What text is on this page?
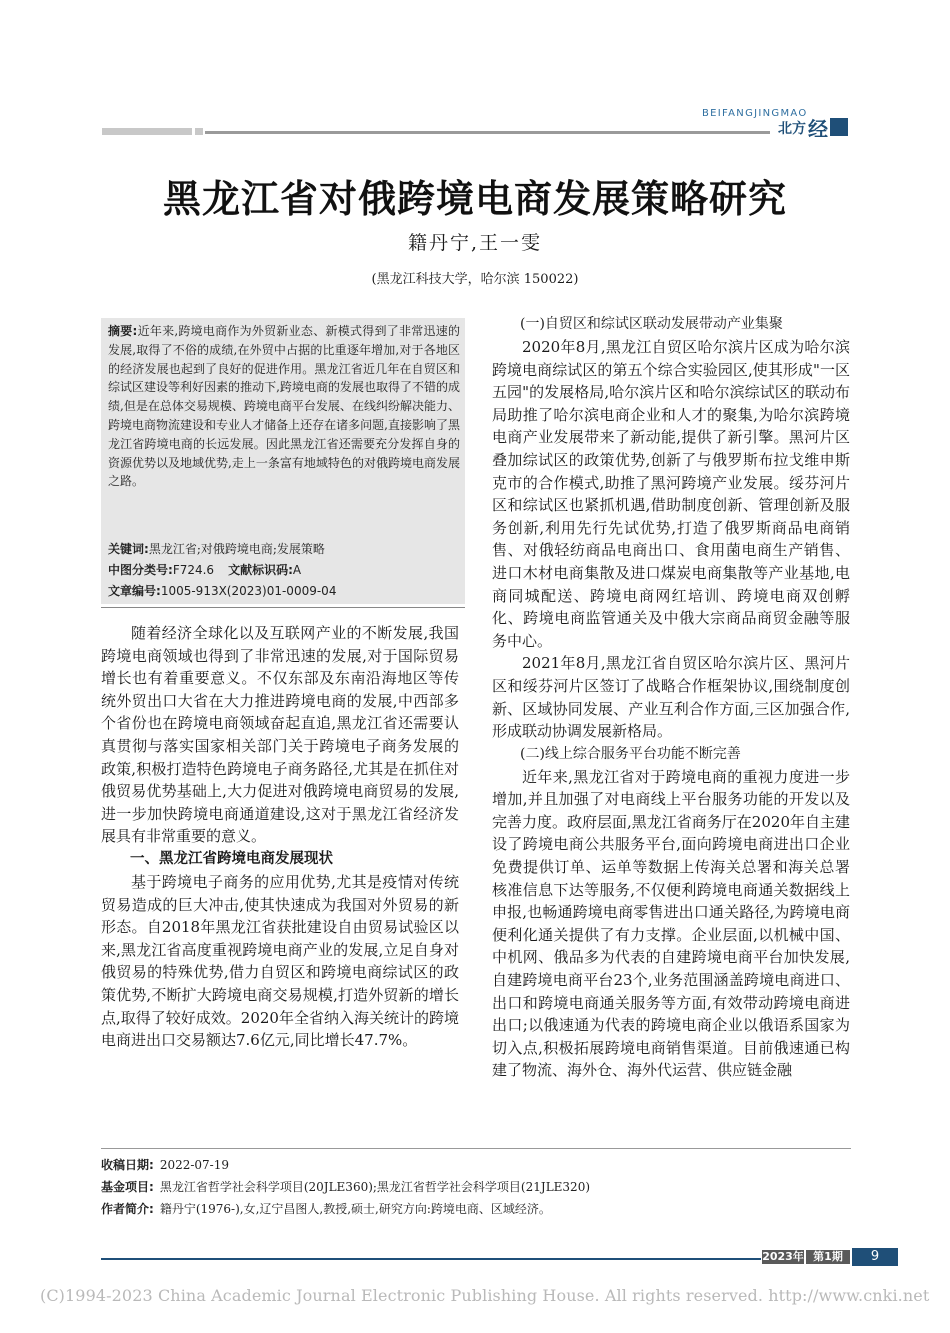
BEIFANGJINGMAO
北方 经
黑龙江省对俄跨境电商发展策略研究
籍丹宁,王一雯
(黑龙江科技大学，哈尔滨 150022)
摘要:近年来,跨境电商作为外贸新业态、新模式得到了非常迅速的发展,取得了不俗的成绩,在外贸中占据的比重逐年增加,对于各地区的经济发展也起到了良好的促进作用。黑龙江省近几年在自贸区和综试区建设等利好因素的推动下,跨境电商的发展也取得了不错的成绩,但是在总体交易规模、跨境电商平台发展、在线纠纷解决能力、跨境电商物流建设和专业人才储备上还存在诸多问题,直接影响了黑龙江省跨境电商的长远发展。因此黑龙江省还需要充分发挥自身的资源优势以及地域优势,走上一条富有地域特色的对俄跨境电商发展之路。
关键词:黑龙江省;对俄跨境电商;发展策略
中图分类号:F724.6 文献标识码:A
文章编号:1005-913X(2023)01-0009-04

随着经济全球化以及互联网产业的不断发展,我国跨境电商领域也得到了非常迅速的发展,对于国际贸易增长也有着重要意义。不仅东部及东南沿海地区等传统外贸出口大省在大力推进跨境电商的发展,中西部多个省份也在跨境电商领域奋起直追,黑龙江省还需要认真贯彻与落实国家相关部门关于跨境电子商务发展的政策,积极打造特色跨境电子商务路径,尤其是在抓住对俄贸易优势基础上,大力促进对俄跨境电商贸易的发展,进一步加快跨境电商通道建设,这对于黑龙江省经济发展具有非常重要的意义。

一、黑龙江省跨境电商发展现状

基于跨境电子商务的应用优势,尤其是疫情对传统贸易造成的巨大冲击,使其快速成为我国对外贸易的新形态。自2018年黑龙江省获批建设自由贸易试验区以来,黑龙江省高度重视跨境电商产业的发展,立足自身对俄贸易的特殊优势,借力自贸区和跨境电商综试区的政策优势,不断扩大跨境电商交易规模,打造外贸新的增长点,取得了较好成效。2020年全省纳入海关统计的跨境电商进出口交易额达7.6亿元,同比增长47.7%。

(一)自贸区和综试区联动发展带动产业集聚

2020年8月,黑龙江自贸区哈尔滨片区成为哈尔滨跨境电商综试区的第五个综合实验园区,使其形成"一区五园"的发展格局,哈尔滨片区和哈尔滨综试区的联动布局助推了哈尔滨电商企业和人才的聚集,为哈尔滨跨境电商产业发展带来了新动能,提供了新引擎。黑河片区叠加综试区的政策优势,创新了与俄罗斯布拉戈维申斯克市的合作模式,助推了黑河跨境产业发展。绥芬河片区和综试区也紧抓机遇,借助制度创新、管理创新及服务创新,利用先行先试优势,打造了俄罗斯商品电商销售、对俄轻纺商品电商出口、食用菌电商生产销售、进口木材电商集散及进口煤炭电商集散等产业基地,电商同城配送、跨境电商网红培训、跨境电商双创孵化、跨境电商监管通关及中俄大宗商品商贸金融等服务中心。

2021年8月,黑龙江省自贸区哈尔滨片区、黑河片区和绥芬河片区签订了战略合作框架协议,围绕制度创新、区域协同发展、产业互利合作方面,三区加强合作,形成联动协调发展新格局。

(二)线上综合服务平台功能不断完善

近年来,黑龙江省对于跨境电商的重视力度进一步增加,并且加强了对电商线上平台服务功能的开发以及完善力度。政府层面,黑龙江省商务厅在2020年自主建设了跨境电商公共服务平台,面向跨境电商进出口企业免费提供订单、运单等数据上传海关总署和海关总署核准信息下达等服务,不仅便利跨境电商通关数据线上申报,也畅通跨境电商零售进出口通关路径,为跨境电商便利化通关提供了有力支撑。企业层面,以机械中国、中机网、俄品多为代表的自建跨境电商平台加快发展,自建跨境电商平台23个,业务范围涵盖跨境电商进口、出口和跨境电商通关服务等方面,有效带动跨境电商进出口;以俄速通为代表的跨境电商企业以俄语系国家为切入点,积极拓展跨境电商销售渠道。目前俄速通已构建了物流、海外仓、海外代运营、供应链金融

收稿日期: 2022-07-19
基金项目: 黑龙江省哲学社会科学项目(20JLE360);黑龙江省哲学社会科学项目(21JLE320)
作者简介: 籍丹宁(1976-),女,辽宁昌图人,教授,硕士,研究方向:跨境电商、区域经济。
2023年 第1期	9
(C)1994-2023 China Academic Journal Electronic Publishing House. All rights reserved. http://www.cnki.net
